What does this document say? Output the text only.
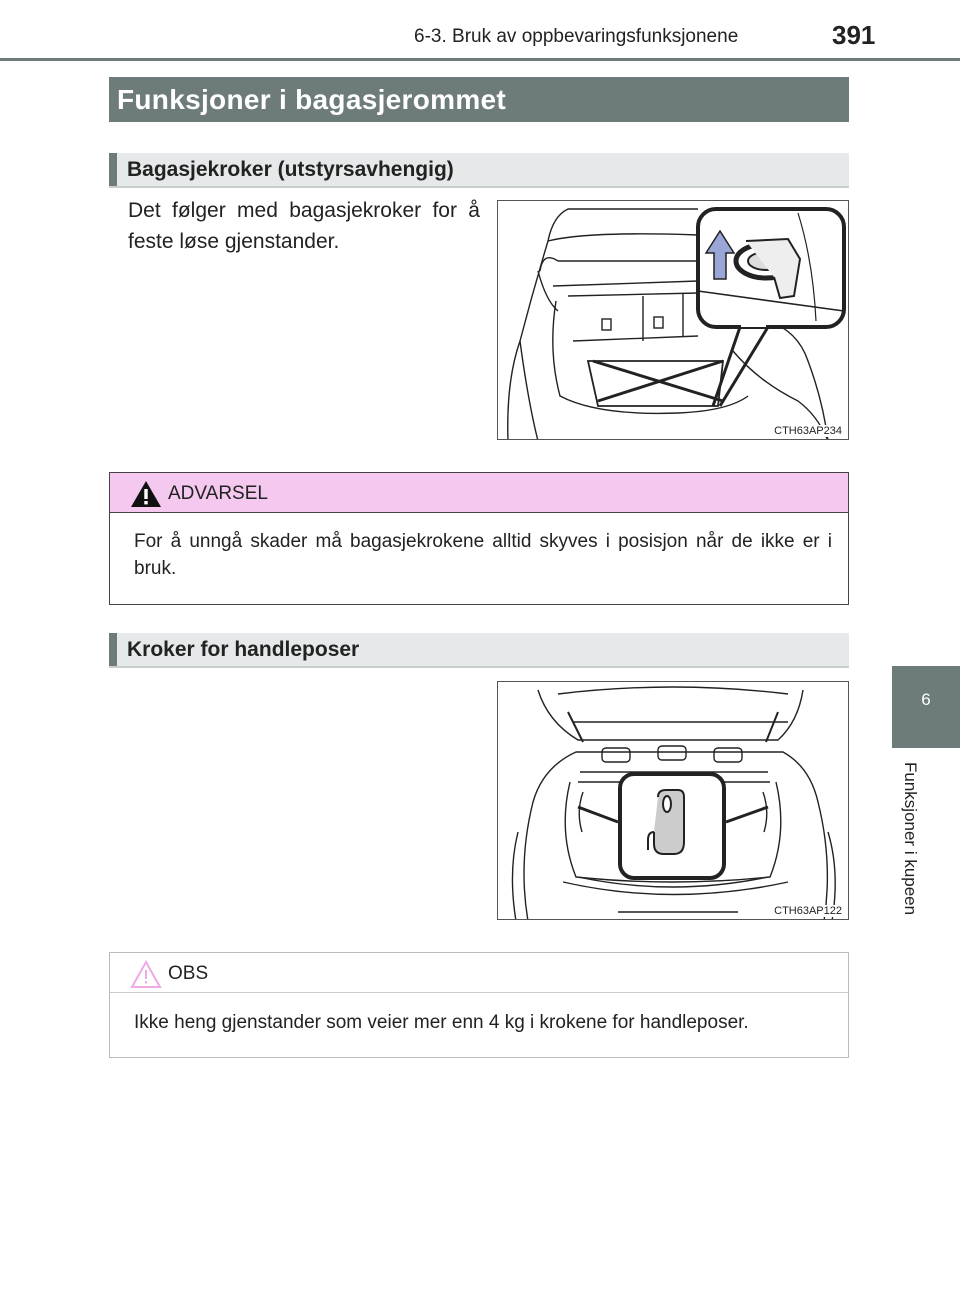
6-3. Bruk av oppbevaringsfunksjonene	391
Funksjoner i bagasjerommet
Bagasjekroker (utstyrsavhengig)
Det følger med bagasjekroker for å feste løse gjenstander.
CTH63AP234
ADVARSEL
For å unngå skader må bagasjekrokene alltid skyves i posisjon når de ikke er i bruk.
Kroker for handleposer
CTH63AP122
OBS
Ikke heng gjenstander som veier mer enn 4 kg i krokene for handleposer.
6
Funksjoner i kupeen
